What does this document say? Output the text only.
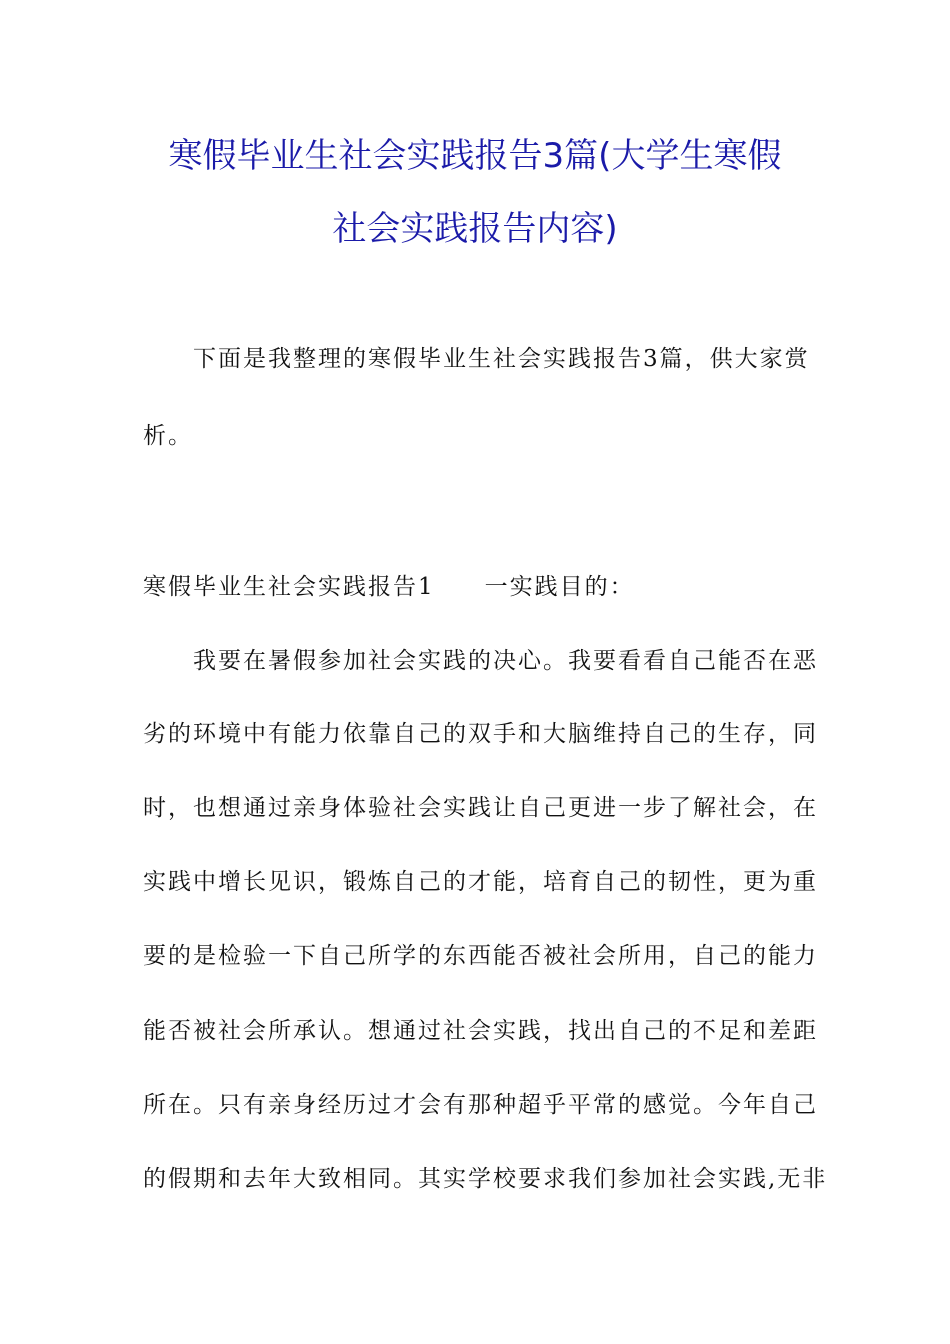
寒假毕业生社会实践报告3篇(大学生寒假
社会实践报告内容)
下面是我整理的寒假毕业生社会实践报告3篇，供大家赏
析。
寒假毕业生社会实践报告1　　一实践目的：
我要在暑假参加社会实践的决心。我要看看自己能否在恶
劣的环境中有能力依靠自己的双手和大脑维持自己的生存，同
时，也想通过亲身体验社会实践让自己更进一步了解社会，在
实践中增长见识，锻炼自己的才能，培育自己的韧性，更为重
要的是检验一下自己所学的东西能否被社会所用，自己的能力
能否被社会所承认。想通过社会实践，找出自己的不足和差距
所在。只有亲身经历过才会有那种超乎平常的感觉。今年自己
的假期和去年大致相同。其实学校要求我们参加社会实践,无非
